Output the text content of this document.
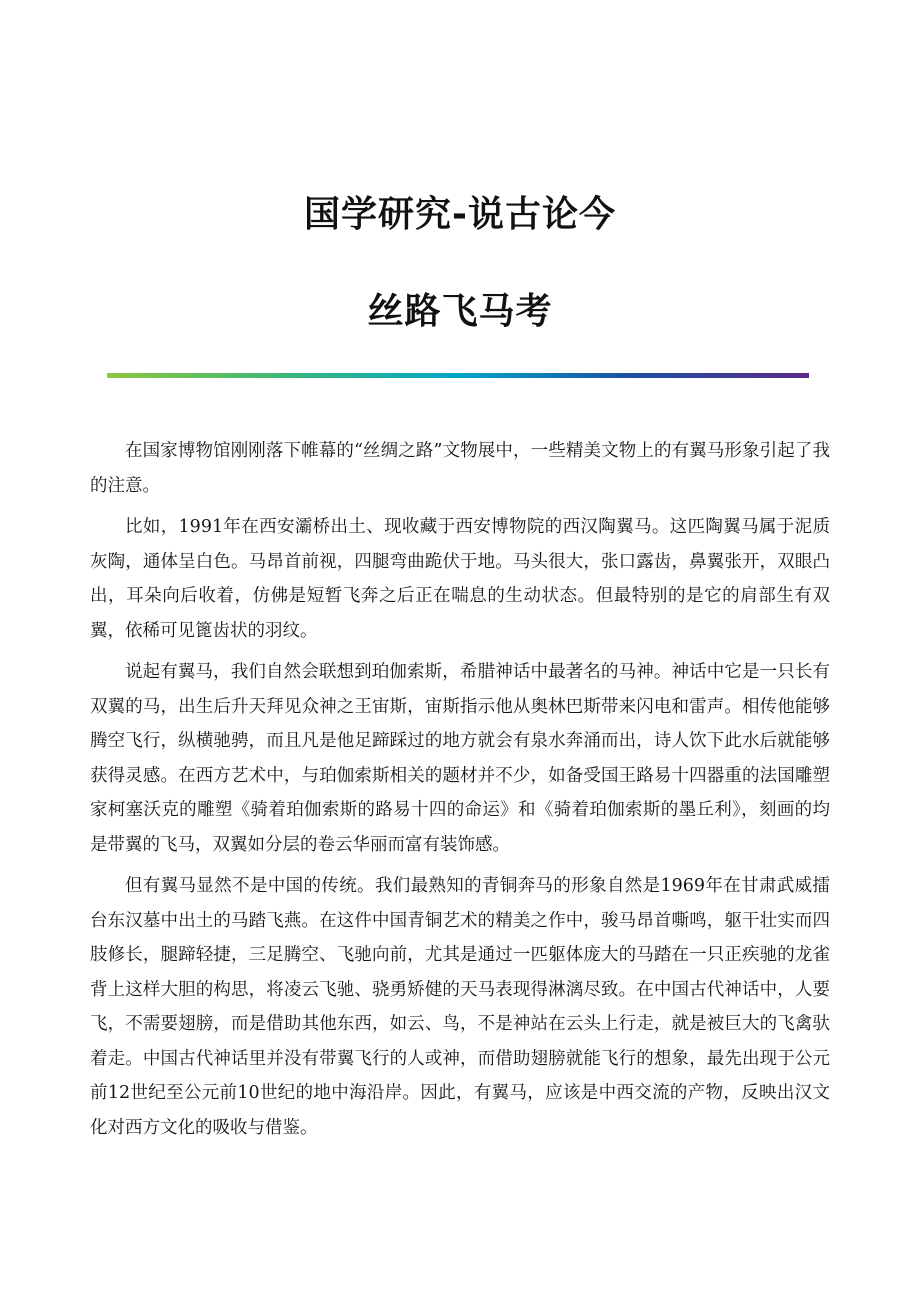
国学研究-说古论今
丝路飞马考

在国家博物馆刚刚落下帷幕的“丝绸之路”文物展中，一些精美文物上的有翼马形象引起了我的注意。

比如，1991年在西安灞桥出土、现收藏于西安博物院的西汉陶翼马。这匹陶翼马属于泥质灰陶，通体呈白色。马昂首前视，四腿弯曲跪伏于地。马头很大，张口露齿，鼻翼张开，双眼凸出，耳朵向后收着，仿佛是短暂飞奔之后正在喘息的生动状态。但最特别的是它的肩部生有双翼，依稀可见篦齿状的羽纹。

说起有翼马，我们自然会联想到珀伽索斯，希腊神话中最著名的马神。神话中它是一只长有双翼的马，出生后升天拜见众神之王宙斯，宙斯指示他从奥林巴斯带来闪电和雷声。相传他能够腾空飞行，纵横驰骋，而且凡是他足蹄踩过的地方就会有泉水奔涌而出，诗人饮下此水后就能够获得灵感。在西方艺术中，与珀伽索斯相关的题材并不少，如备受国王路易十四器重的法国雕塑家柯塞沃克的雕塑《骑着珀伽索斯的路易十四的命运》和《骑着珀伽索斯的墨丘利》，刻画的均是带翼的飞马，双翼如分层的卷云华丽而富有装饰感。

但有翼马显然不是中国的传统。我们最熟知的青铜奔马的形象自然是1969年在甘肃武威擂台东汉墓中出土的马踏飞燕。在这件中国青铜艺术的精美之作中，骏马昂首嘶鸣，躯干壮实而四肢修长，腿蹄轻捷，三足腾空、飞驰向前，尤其是通过一匹躯体庞大的马踏在一只正疾驰的龙雀背上这样大胆的构思，将凌云飞驰、骁勇矫健的天马表现得淋漓尽致。在中国古代神话中，人要飞，不需要翅膀，而是借助其他东西，如云、鸟，不是神站在云头上行走，就是被巨大的飞禽驮着走。中国古代神话里并没有带翼飞行的人或神，而借助翅膀就能飞行的想象，最先出现于公元前12世纪至公元前10世纪的地中海沿岸。因此，有翼马，应该是中西交流的产物，反映出汉文化对西方文化的吸收与借鉴。
